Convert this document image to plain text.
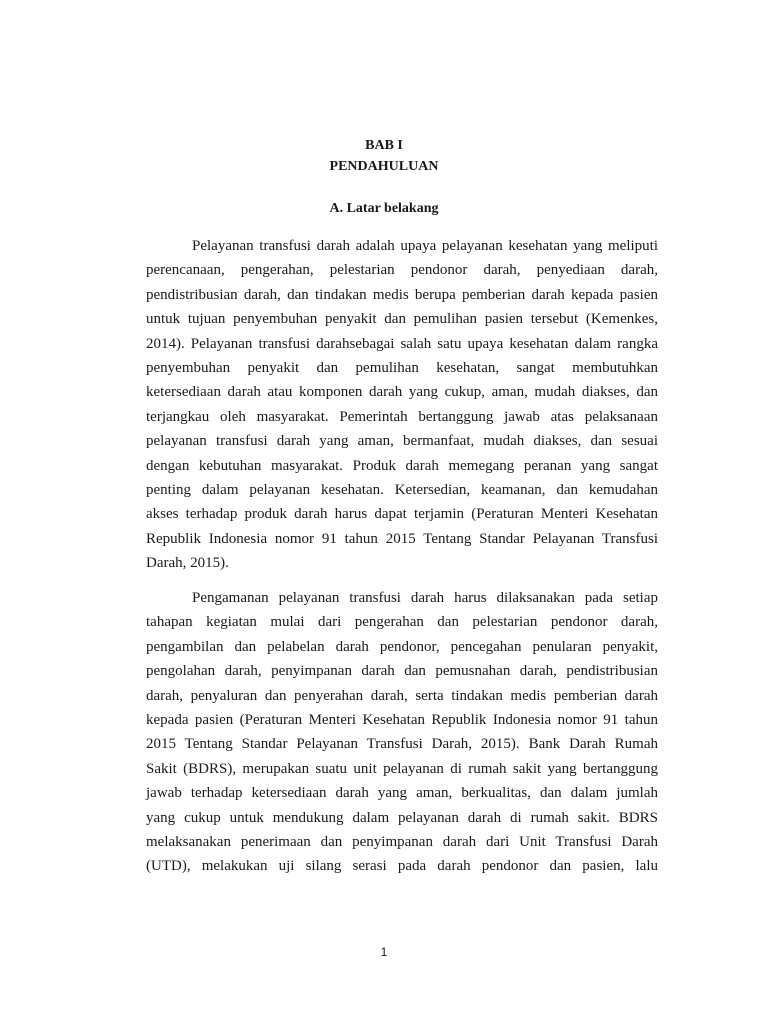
BAB I
PENDAHULUAN
A. Latar belakang

Pelayanan transfusi darah adalah upaya pelayanan kesehatan yang meliputi
perencanaan, pengerahan, pelestarian pendonor darah, penyediaan darah,
pendistribusian darah, dan tindakan medis berupa pemberian darah kepada pasien
untuk tujuan penyembuhan penyakit dan pemulihan pasien tersebut (Kemenkes,
2014). Pelayanan transfusi darahsebagai salah satu upaya kesehatan dalam rangka
penyembuhan penyakit dan pemulihan kesehatan, sangat membutuhkan
ketersediaan darah atau komponen darah yang cukup, aman, mudah diakses, dan
terjangkau oleh masyarakat. Pemerintah bertanggung jawab atas pelaksanaan
pelayanan transfusi darah yang aman, bermanfaat, mudah diakses, dan sesuai
dengan kebutuhan masyarakat. Produk darah memegang peranan yang sangat
penting dalam pelayanan kesehatan. Ketersedian, keamanan, dan kemudahan
akses terhadap produk darah harus dapat terjamin (Peraturan Menteri Kesehatan
Republik Indonesia nomor 91 tahun 2015 Tentang Standar Pelayanan Transfusi
Darah, 2015).

Pengamanan pelayanan transfusi darah harus dilaksanakan pada setiap
tahapan kegiatan mulai dari pengerahan dan pelestarian pendonor darah,
pengambilan dan pelabelan darah pendonor, pencegahan penularan penyakit,
pengolahan darah, penyimpanan darah dan pemusnahan darah, pendistribusian
darah, penyaluran dan penyerahan darah, serta tindakan medis pemberian darah
kepada pasien (Peraturan Menteri Kesehatan Republik Indonesia nomor 91 tahun
2015 Tentang Standar Pelayanan Transfusi Darah, 2015). Bank Darah Rumah
Sakit (BDRS), merupakan suatu unit pelayanan di rumah sakit yang bertanggung
jawab terhadap ketersediaan darah yang aman, berkualitas, dan dalam jumlah
yang cukup untuk mendukung dalam pelayanan darah di rumah sakit. BDRS
melaksanakan penerimaan dan penyimpanan darah dari Unit Transfusi Darah
(UTD), melakukan uji silang serasi pada darah pendonor dan pasien, lalu

1
